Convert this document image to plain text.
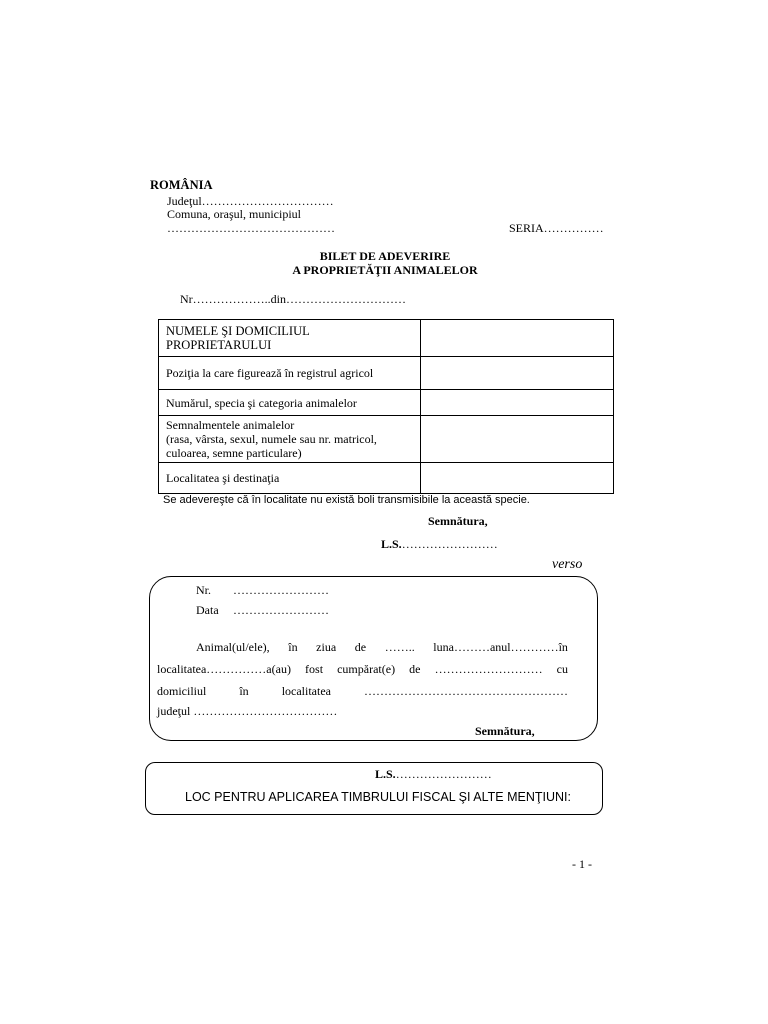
ROMÂNIA
Judeţul……………………………
Comuna, oraşul, municipiul
……………………………………	SERIA……………
BILET DE ADEVERIRE
A PROPRIETĂŢII ANIMALELOR
Nr………………..din…………………………
NUMELE ŞI DOMICILIUL PROPRIETARULUI	
Poziţia la care figurează în registrul agricol	
Numărul, specia şi categoria animalelor	
Semnalmentele animalelor
(rasa, vârsta, sexul, numele sau nr. matricol,
culoarea, semne particulare)	
Localitatea şi destinaţia	
Se adevereşte că în localitate nu există boli transmisibile la această specie.
Semnătura,
L.S.……………………
verso
Nr. ……………………
Data ……………………
Animal(ul/ele), în ziua de …….. luna………anul…………în
localitatea……………a(au) fost cumpărat(e) de ……………………… cu
domiciliul	în	localitatea	……………………………………………
judeţul ………………………………
Semnătura,
L.S.……………………
LOC PENTRU APLICAREA TIMBRULUI FISCAL ŞI ALTE MENŢIUNI:
- 1 -
